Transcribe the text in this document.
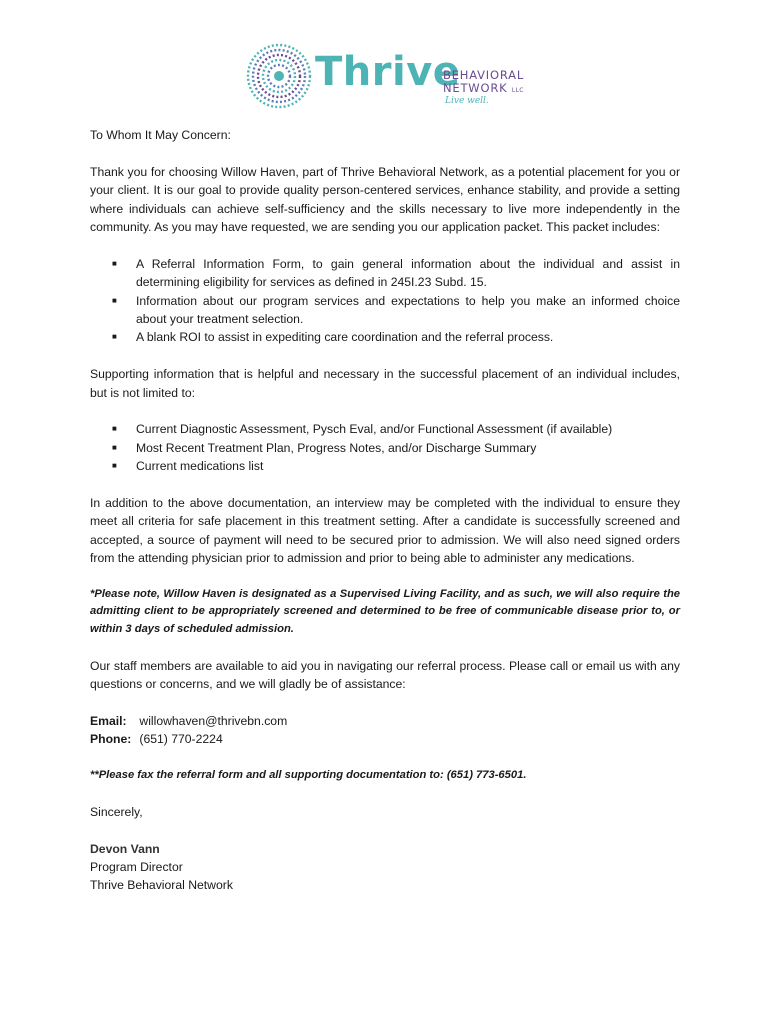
Thrive
BEHAVIORAL
NETWORK LLC
Live well.

To Whom It May Concern:

Thank you for choosing Willow Haven, part of Thrive Behavioral Network, as a potential placement for you or your client. It is our goal to provide quality person-centered services, enhance stability, and provide a setting where individuals can achieve self-sufficiency and the skills necessary to live more independently in the community. As you may have requested, we are sending you our application packet. This packet includes:

■ A Referral Information Form, to gain general information about the individual and assist in determining eligibility for services as defined in 245I.23 Subd. 15.
■ Information about our program services and expectations to help you make an informed choice about your treatment selection.
■ A blank ROI to assist in expediting care coordination and the referral process.

Supporting information that is helpful and necessary in the successful placement of an individual includes, but is not limited to:

■ Current Diagnostic Assessment, Pysch Eval, and/or Functional Assessment (if available)
■ Most Recent Treatment Plan, Progress Notes, and/or Discharge Summary
■ Current medications list

In addition to the above documentation, an interview may be completed with the individual to ensure they meet all criteria for safe placement in this treatment setting. After a candidate is successfully screened and accepted, a source of payment will need to be secured prior to admission. We will also need signed orders from the attending physician prior to admission and prior to being able to administer any medications.

*Please note, Willow Haven is designated as a Supervised Living Facility, and as such, we will also require the admitting client to be appropriately screened and determined to be free of communicable disease prior to, or within 3 days of scheduled admission.

Our staff members are available to aid you in navigating our referral process. Please call or email us with any questions or concerns, and we will gladly be of assistance:

Email: willowhaven@thrivebn.com

Phone: (651) 770-2224

**Please fax the referral form and all supporting documentation to: (651) 773-6501.

Sincerely,

Devon Vann

Program Director

Thrive Behavioral Network
